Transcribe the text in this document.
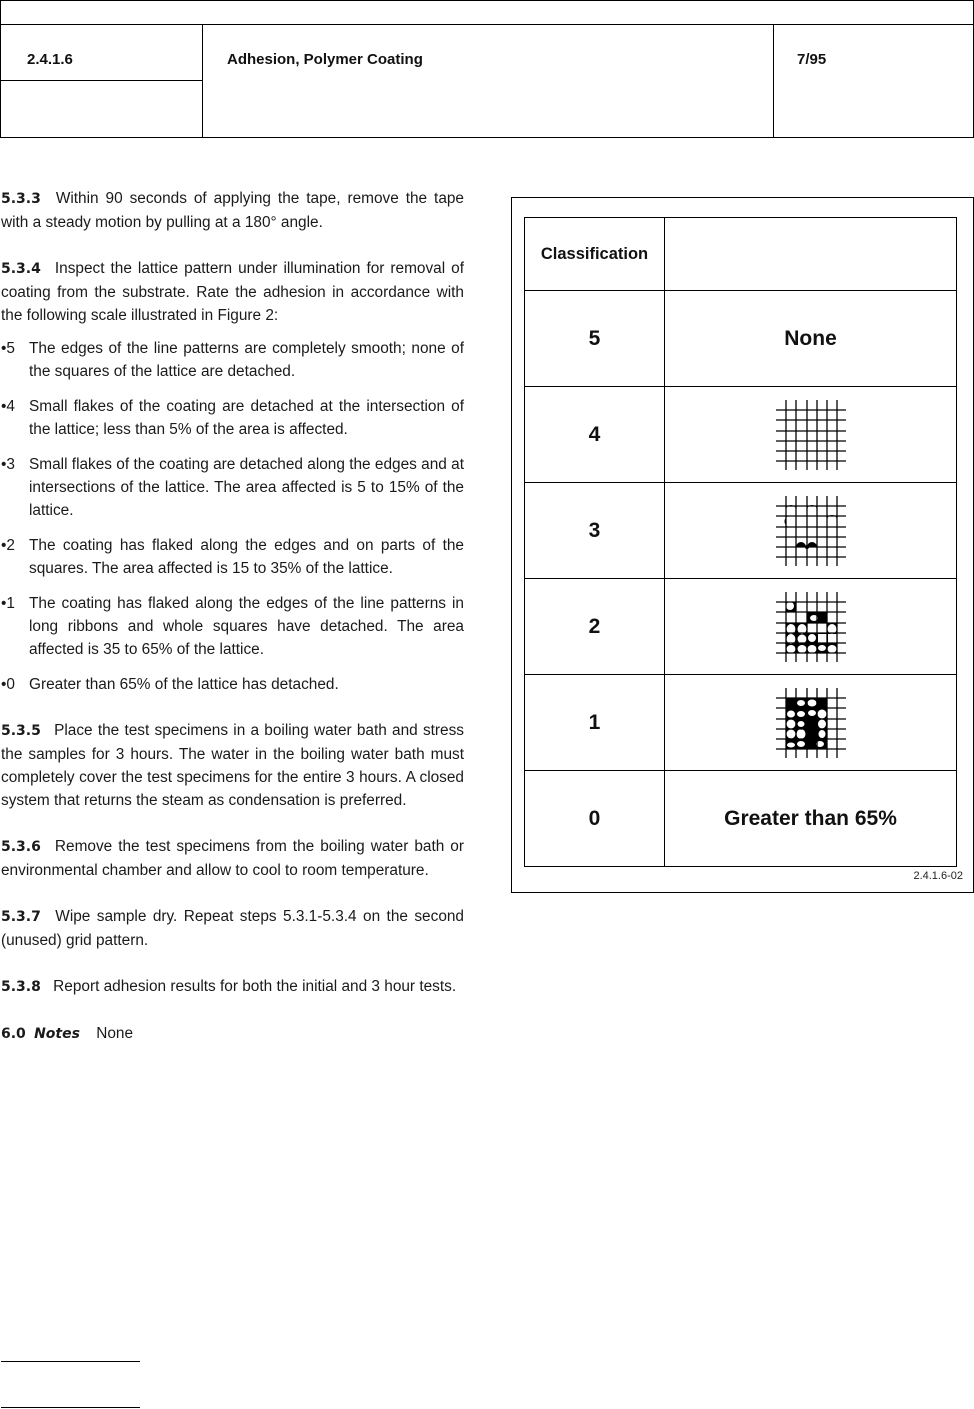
2.4.1.6	Adhesion, Polymer Coating	7/95

5.3.3 Within 90 seconds of applying the tape, remove the tape with a steady motion by pulling at a 180° angle.

5.3.4 Inspect the lattice pattern under illumination for removal of coating from the substrate. Rate the adhesion in accordance with the following scale illustrated in Figure 2:

•5 The edges of the line patterns are completely smooth; none of the squares of the lattice are detached.
•4 Small flakes of the coating are detached at the intersection of the lattice; less than 5% of the area is affected.
•3 Small flakes of the coating are detached along the edges and at intersections of the lattice. The area affected is 5 to 15% of the lattice.
•2 The coating has flaked along the edges and on parts of the squares. The area affected is 15 to 35% of the lattice.
•1 The coating has flaked along the edges of the line patterns in long ribbons and whole squares have detached. The area affected is 35 to 65% of the lattice.
•0 Greater than 65% of the lattice has detached.

5.3.5 Place the test specimens in a boiling water bath and stress the samples for 3 hours. The water in the boiling water bath must completely cover the test specimens for the entire 3 hours. A closed system that returns the steam as condensation is preferred.

5.3.6 Remove the test specimens from the boiling water bath or environmental chamber and allow to cool to room temperature.

5.3.7 Wipe sample dry. Repeat steps 5.3.1-5.3.4 on the second (unused) grid pattern.

5.3.8 Report adhesion results for both the initial and 3 hour tests.

6.0 Notes None

Classification	
5	None
4	

3	

2	

1	

0	Greater than 65%
2.4.1.6-02
